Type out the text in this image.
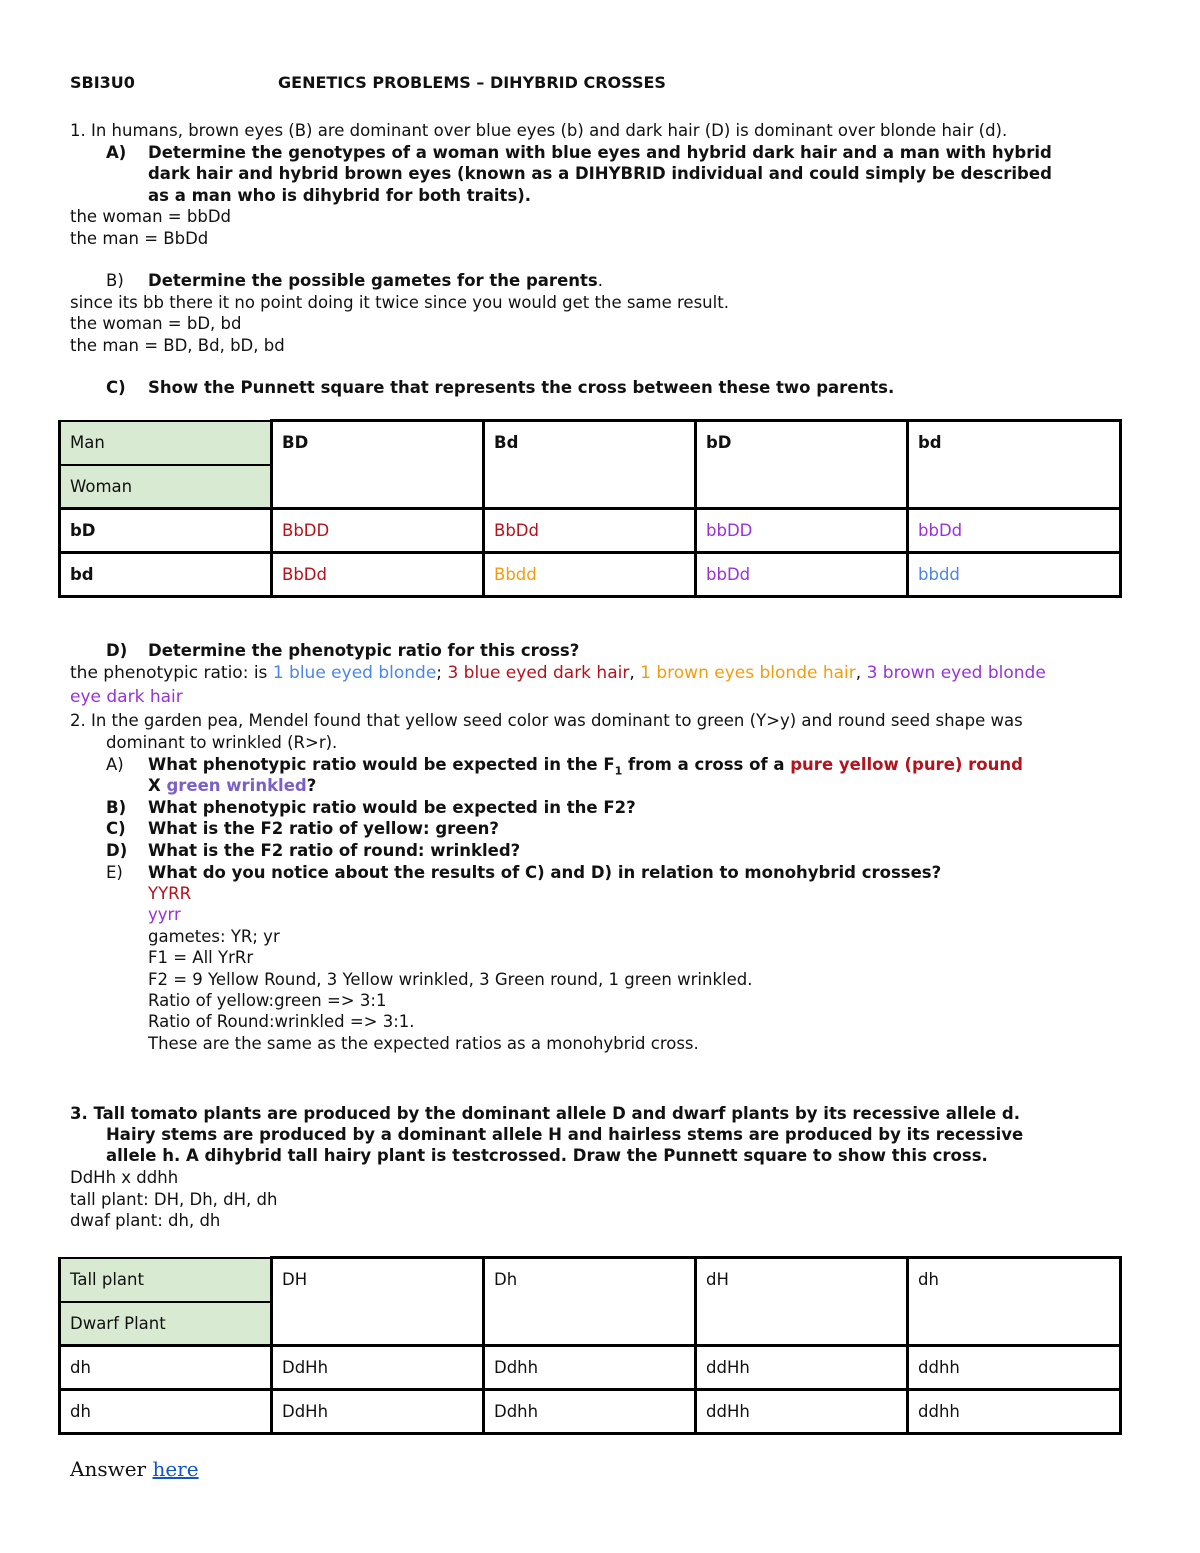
SBI3U0	GENETICS PROBLEMS – DIHYBRID CROSSES
1. In humans, brown eyes (B) are dominant over blue eyes (b) and dark hair (D) is dominant over blonde hair (d).
A) Determine the genotypes of a woman with blue eyes and hybrid dark hair and a man with hybrid
dark hair and hybrid brown eyes (known as a DIHYBRID individual and could simply be described
as a man who is dihybrid for both traits).
the woman = bbDd
the man = BbDd
B) Determine the possible gametes for the parents.
since its bb there it no point doing it twice since you would get the same result.
the woman = bD, bd
the man = BD, Bd, bD, bd
C) Show the Punnett square that represents the cross between these two parents.
Man	BD	Bd	bD	bd
Woman				
bD	BbDD	BbDd	bbDD	bbDd
bd	BbDd	Bbdd	bbDd	bbdd
D) Determine the phenotypic ratio for this cross?
the phenotypic ratio: is 1 blue eyed blonde; 3 blue eyed dark hair, 1 brown eyes blonde hair, 3 brown eyed blonde
eye dark hair
2. In the garden pea, Mendel found that yellow seed color was dominant to green (Y>y) and round seed shape was
dominant to wrinkled (R>r).
A) What phenotypic ratio would be expected in the $F_1$ from a cross of a pure yellow (pure) round
X green wrinkled?
B) What phenotypic ratio would be expected in the F2?
C) What is the F2 ratio of yellow: green?
D) What is the F2 ratio of round: wrinkled?
E) What do you notice about the results of C) and D) in relation to monohybrid crosses?
YYRR
yyrr
gametes: YR; yr
F1 = All YrRr
F2 = 9 Yellow Round, 3 Yellow wrinkled, 3 Green round, 1 green wrinkled.
Ratio of yellow:green => 3:1
Ratio of Round:wrinkled => 3:1.
These are the same as the expected ratios as a monohybrid cross.
3. Tall tomato plants are produced by the dominant allele D and dwarf plants by its recessive allele d.
Hairy stems are produced by a dominant allele H and hairless stems are produced by its recessive
allele h. A dihybrid tall hairy plant is testcrossed. Draw the Punnett square to show this cross.
DdHh x ddhh
tall plant: DH, Dh, dH, dh
dwaf plant: dh, dh
Tall plant	DH	Dh	dH	dh
Dwarf Plant				
dh	DdHh	Ddhh	ddHh	ddhh
dh	DdHh	Ddhh	ddHh	ddhh
Answer here
